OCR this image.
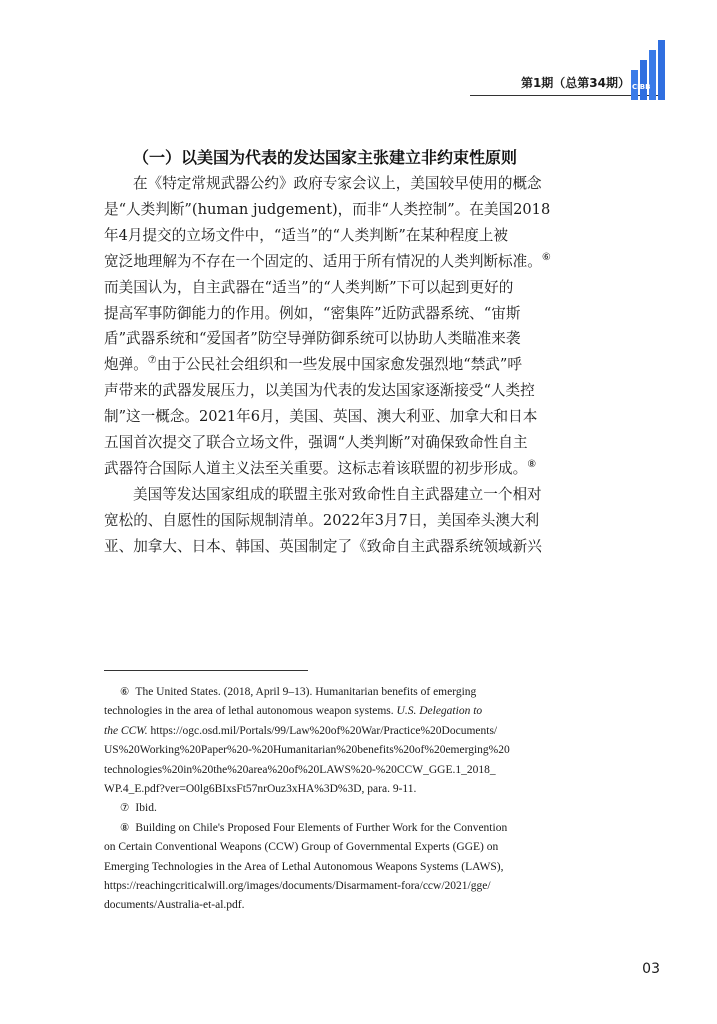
第1期（总第34期） CIBB
（一）以美国为代表的发达国家主张建立非约束性原则
在《特定常规武器公约》政府专家会议上，美国较早使用的概念
是“人类判断”(human judgement)，而非“人类控制”。在美国2018
年4月提交的立场文件中，“适当”的“人类判断”在某种程度上被
宽泛地理解为不存在一个固定的、适用于所有情况的人类判断标准。⑥
而美国认为，自主武器在“适当”的“人类判断”下可以起到更好的
提高军事防御能力的作用。例如，“密集阵”近防武器系统、“宙斯
盾”武器系统和“爱国者”防空导弹防御系统可以协助人类瞄准来袭
炮弹。⑦由于公民社会组织和一些发展中国家愈发强烈地“禁武”呼
声带来的武器发展压力，以美国为代表的发达国家逐渐接受“人类控
制”这一概念。2021年6月，美国、英国、澳大利亚、加拿大和日本
五国首次提交了联合立场文件，强调“人类判断”对确保致命性自主
武器符合国际人道主义法至关重要。这标志着该联盟的初步形成。⑧
美国等发达国家组成的联盟主张对致命性自主武器建立一个相对
宽松的、自愿性的国际规制清单。2022年3月7日，美国牵头澳大利
亚、加拿大、日本、韩国、英国制定了《致命自主武器系统领域新兴
⑥ The United States. (2018, April 9–13). Humanitarian benefits of emerging
technologies in the area of lethal autonomous weapon systems. U.S. Delegation to
the CCW. https://ogc.osd.mil/Portals/99/Law%20of%20War/Practice%20Documents/
US%20Working%20Paper%20-%20Humanitarian%20benefits%20of%20emerging%20
technologies%20in%20the%20area%20of%20LAWS%20-%20CCW_GGE.1_2018_
WP.4_E.pdf?ver=O0lg6BIxsFt57nrOuz3xHA%3D%3D, para. 9-11.
⑦ Ibid.
⑧ Building on Chile's Proposed Four Elements of Further Work for the Convention
on Certain Conventional Weapons (CCW) Group of Governmental Experts (GGE) on
Emerging Technologies in the Area of Lethal Autonomous Weapons Systems (LAWS),
https://reachingcriticalwill.org/images/documents/Disarmament-fora/ccw/2021/gge/
documents/Australia-et-al.pdf.
03
